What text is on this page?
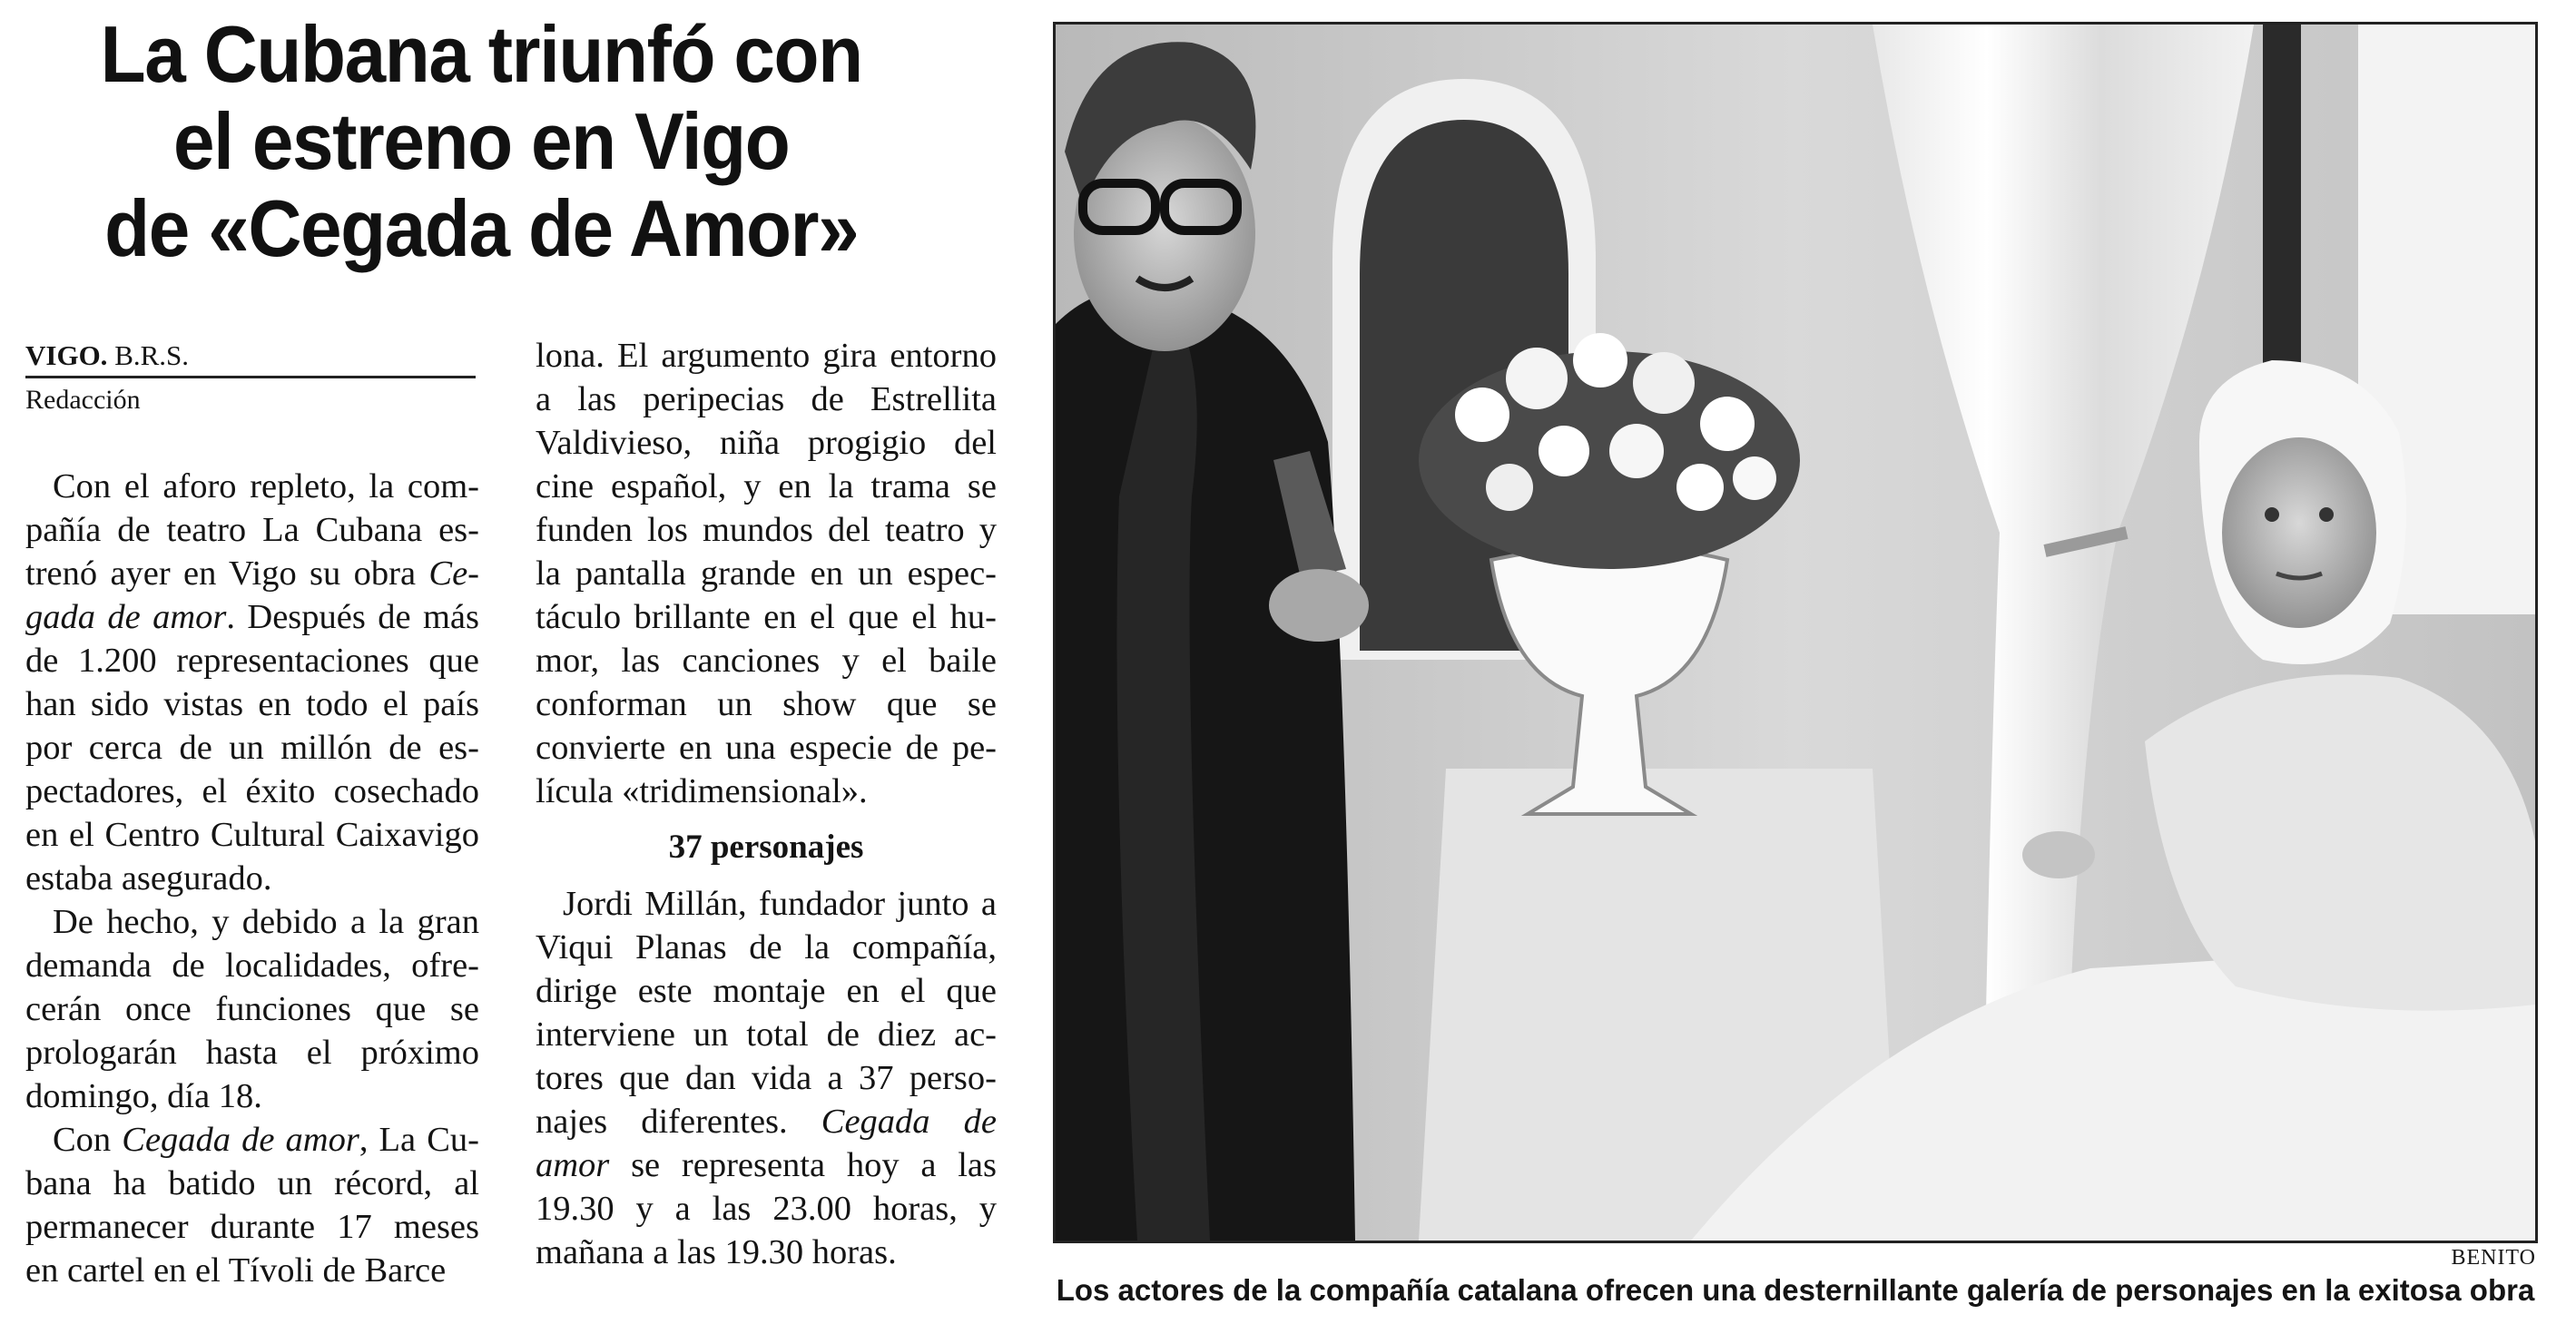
La Cubana triunfó con
el estreno en Vigo
de «Cegada de Amor»
VIGO. B.R.S.
Redacción

Con el aforo repleto, la compañía de teatro La Cubana estrenó ayer en Vigo su obra Cegada de amor. Después de más de 1.200 representaciones que han sido vistas en todo el país por cerca de un millón de espectadores, el éxito cosechado en el Centro Cultural Caixavigo estaba asegurado.

De hecho, y debido a la gran demanda de localidades, ofrecerán once funciones que se prologarán hasta el próximo domingo, día 18.

Con Cegada de amor, La Cubana ha batido un récord, al permanecer durante 17 meses en cartel en el Tívoli de Barce

lona. El argumento gira entorno a las peripecias de Estrellita Valdivieso, niña progigio del cine español, y en la trama se funden los mundos del teatro y la pantalla grande en un espectáculo brillante en el que el humor, las canciones y el baile conforman un show que se convierte en una especie de película «tridimensional».

37 personajes

Jordi Millán, fundador junto a Viqui Planas de la compañía, dirige este montaje en el que interviene un total de diez actores que dan vida a 37 personajes diferentes. Cegada de amor se representa hoy a las 19.30 y a las 23.00 horas, y mañana a las 19.30 horas.	BENITO
Los actores de la compañía catalana ofrecen una desternillante galería de personajes en la exitosa obra
